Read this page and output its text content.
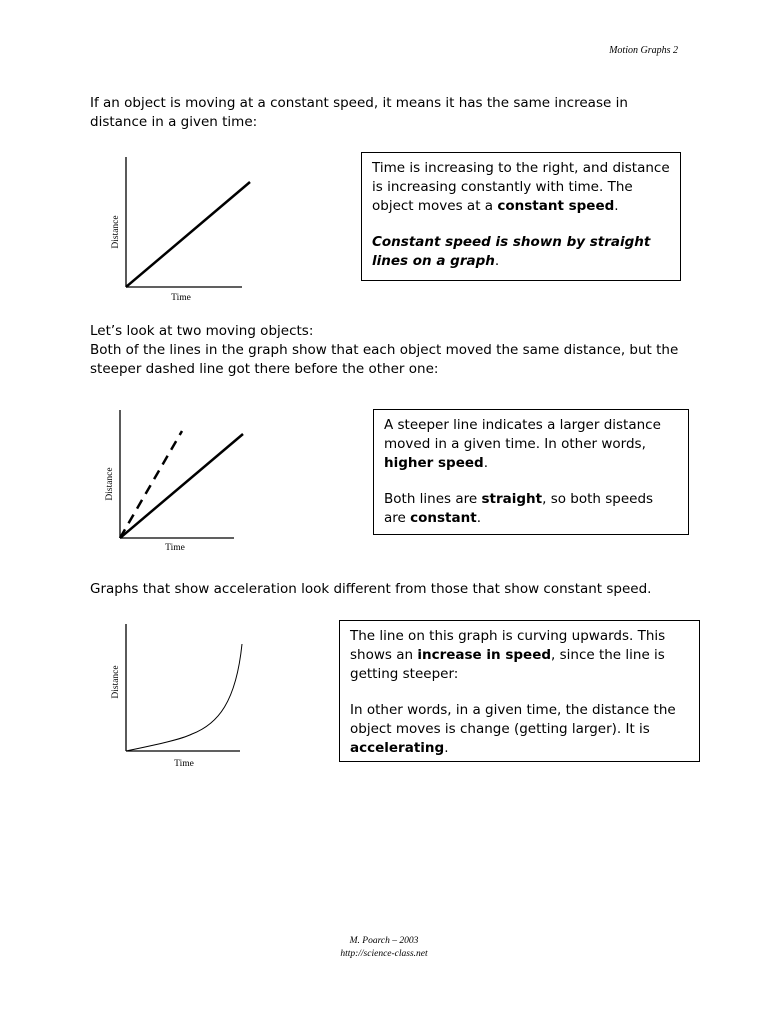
Motion Graphs 2
If an object is moving at a constant speed, it means it has the same increase in distance in a given time:
Distance
Time

Time is increasing to the right, and distance is increasing constantly with time. The object moves at a constant speed.

Constant speed is shown by straight lines on a graph.

Let’s look at two moving objects:
Both of the lines in the graph show that each object moved the same distance, but the steeper dashed line got there before the other one:
Distance
Time

A steeper line indicates a larger distance moved in a given time. In other words, higher speed.

Both lines are straight, so both speeds are constant.

Graphs that show acceleration look different from those that show constant speed.
Distance
Time

The line on this graph is curving upwards. This shows an increase in speed, since the line is getting steeper:

In other words, in a given time, the distance the object moves is change (getting larger). It is accelerating.

M. Poarch – 2003
http://science-class.net
